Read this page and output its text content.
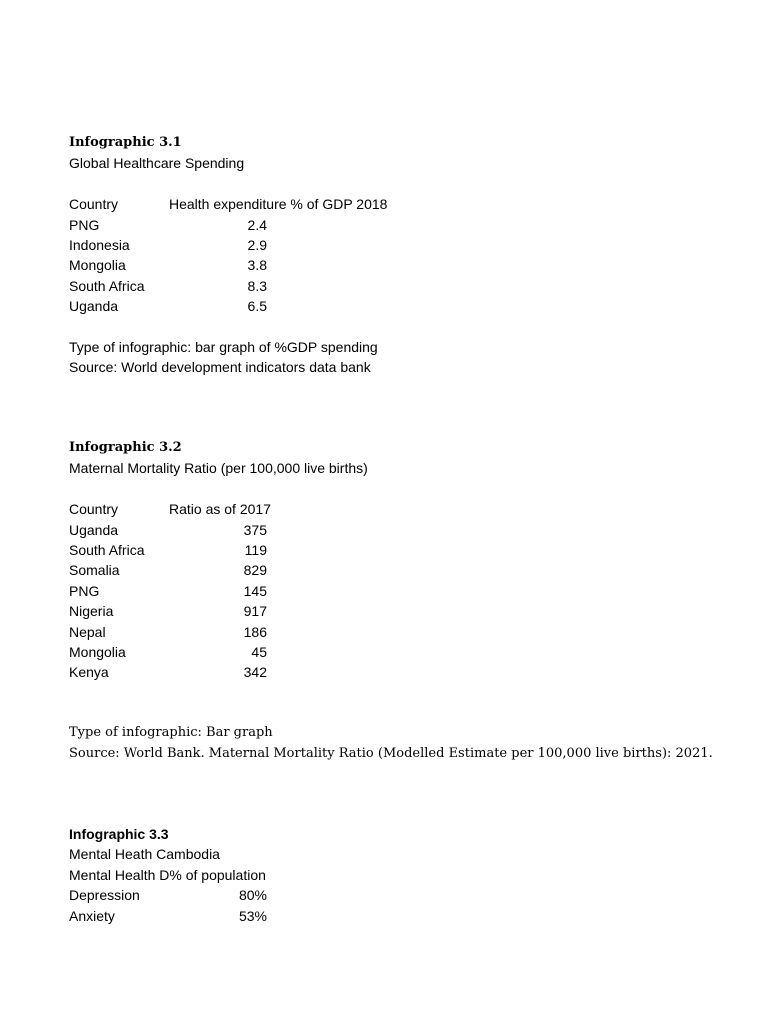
Infographic 3.1
Global Healthcare Spending
Country	Health expenditure % of GDP 2018
PNG	2.4
Indonesia	2.9
Mongolia	3.8
South Africa	8.3
Uganda	6.5
Type of infographic: bar graph of %GDP spending
Source: World development indicators data bank
Infographic 3.2
Maternal Mortality Ratio (per 100,000 live births)
Country	Ratio as of 2017
Uganda	375
South Africa	119
Somalia	829
PNG	145
Nigeria	917
Nepal	186
Mongolia	45
Kenya	342
Type of infographic: Bar graph
Source: World Bank. Maternal Mortality Ratio (Modelled Estimate per 100,000 live births): 2021.
Infographic 3.3
Mental Heath Cambodia
Mental Health D% of population
Depression	80%
Anxiety	53%
